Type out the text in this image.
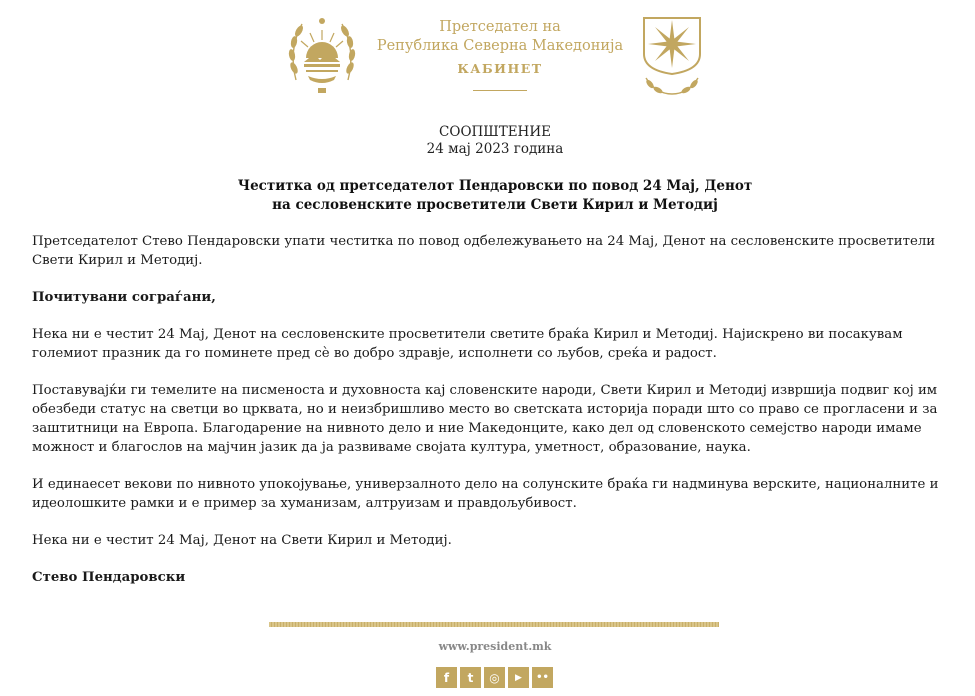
Претседател на
Република Северна Македонија
КАБИНЕТ
СООПШТЕНИЕ
24 мај 2023 година
Честитка од претседателот Пендаровски по повод 24 Мај, Денот
на сесловенските просветители Свети Кирил и Методиј

Претседателот Стево Пендаровски упати честитка по повод одбележувањето на 24 Мај, Денот на сесловенските просветители Свети Кирил и Методиј.

Почитувани сограѓани,

Нека ни е честит 24 Мај, Денот на сесловенските просветители светите браќа Кирил и Методиј. Најискрено ви посакувам големиот празник да го поминете пред сè во добро здравје, исполнети со љубов, среќа и радост.

Поставувајќи ги темелите на писменоста и духовноста кај словенските народи, Свети Кирил и Методиј извршија подвиг кој им обезбеди статус на светци во црквата, но и неизбришливо место во светската историја поради што со право се прогласени и за заштитници на Европа. Благодарение на нивното дело и ние Македонците, како дел од словенското семејство народи имаме можност и благослов на мајчин јазик да ја развиваме својата култура, уметност, образование, наука.

И единаесет векови по нивното упокојување, универзалното дело на солунските браќа ги надминува верските, националните и идеолошките рамки и е пример за хуманизам, алтруизам и правдољубивост.

Нека ни е честит 24 Мај, Денот на Свети Кирил и Методиј.

Стево Пендаровски

www.president.mk
f	t	◎	▶	••
